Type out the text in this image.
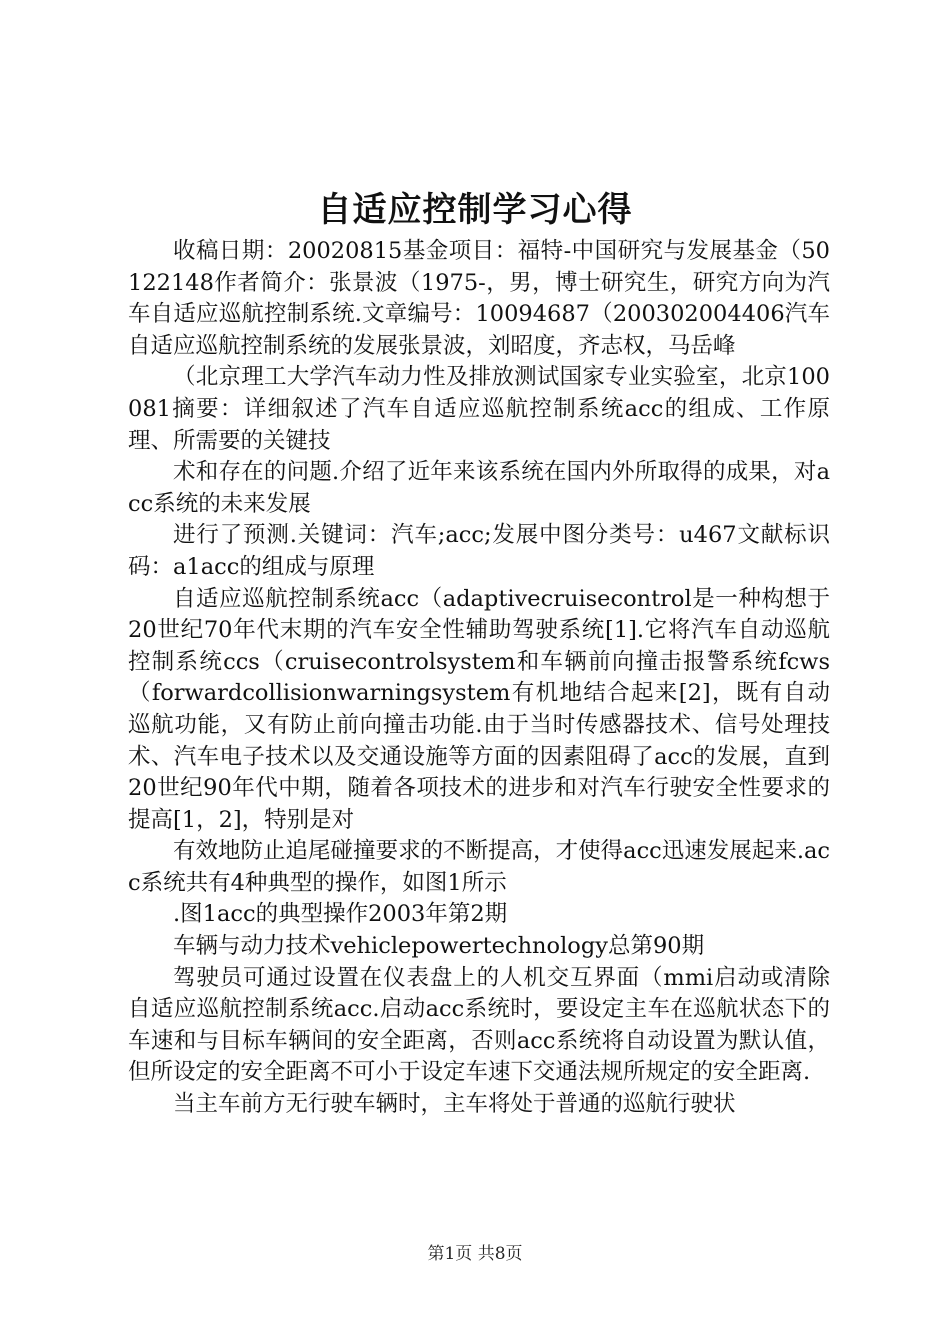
自适应控制学习心得

收稿日期：20020815基金项目：福特-中国研究与发展基金（50122148作者简介：张景波（1975-，男，博士研究生，研究方向为汽车自适应巡航控制系统.文章编号：10094687（200302004406汽车自适应巡航控制系统的发展张景波，刘昭度，齐志权，马岳峰

（北京理工大学汽车动力性及排放测试国家专业实验室，北京100081摘要：详细叙述了汽车自适应巡航控制系统acc的组成、工作原理、所需要的关键技

术和存在的问题.介绍了近年来该系统在国内外所取得的成果，对acc系统的未来发展

进行了预测.关键词：汽车;acc;发展中图分类号：u467文献标识码：a1acc的组成与原理

自适应巡航控制系统acc（adaptivecruisecontrol是一种构想于20世纪70年代末期的汽车安全性辅助驾驶系统[1].它将汽车自动巡航控制系统ccs（cruisecontrolsystem和车辆前向撞击报警系统fcws（forwardcollisionwarningsystem有机地结合起来[2]，既有自动巡航功能，又有防止前向撞击功能.由于当时传感器技术、信号处理技术、汽车电子技术以及交通设施等方面的因素阻碍了acc的发展，直到20世纪90年代中期，随着各项技术的进步和对汽车行驶安全性要求的提高[1，2]，特别是对

有效地防止追尾碰撞要求的不断提高，才使得acc迅速发展起来.acc系统共有4种典型的操作，如图1所示

.图1acc的典型操作2003年第2期

车辆与动力技术vehiclepowertechnology总第90期

驾驶员可通过设置在仪表盘上的人机交互界面（mmi启动或清除自适应巡航控制系统acc.启动acc系统时，要设定主车在巡航状态下的车速和与目标车辆间的安全距离，否则acc系统将自动设置为默认值，但所设定的安全距离不可小于设定车速下交通法规所规定的安全距离.

当主车前方无行驶车辆时，主车将处于普通的巡航行驶状

第1页 共8页
